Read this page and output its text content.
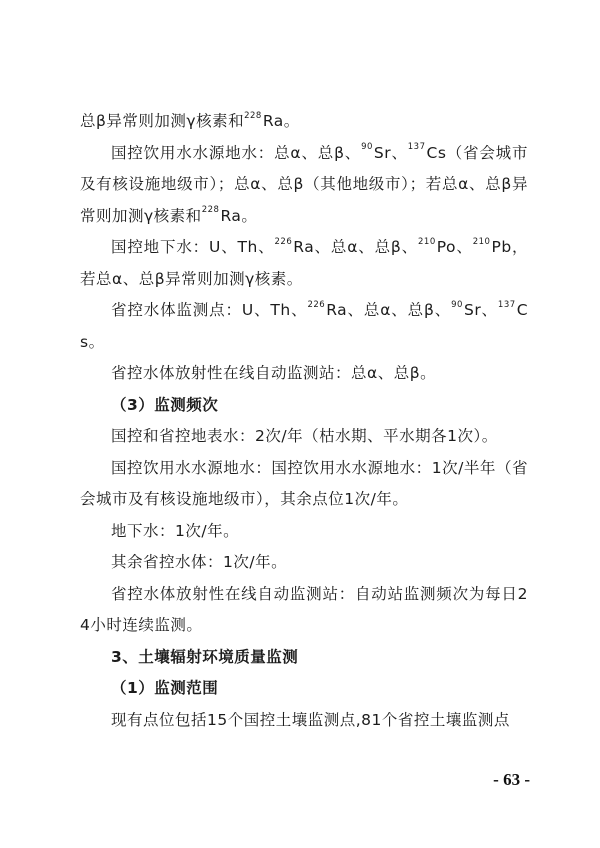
总β异常则加测γ核素和$^{228}$Ra。

国控饮用水水源地水：总α、总β、$^{90}$Sr、$^{137}$Cs（省会城市及有核设施地级市）；总α、总β（其他地级市）；若总α、总β异常则加测γ核素和$^{228}$Ra。

国控地下水：U、Th、$^{226}$Ra、总α、总β、$^{210}$Po、$^{210}$Pb，若总α、总β异常则加测γ核素。

省控水体监测点：U、Th、$^{226}$Ra、总α、总β、$^{90}$Sr、$^{137}$Cs。

省控水体放射性在线自动监测站：总α、总β。

（3）监测频次

国控和省控地表水：2次/年（枯水期、平水期各1次）。

国控饮用水水源地水：国控饮用水水源地水：1次/半年（省会城市及有核设施地级市），其余点位1次/年。

地下水：1次/年。

其余省控水体：1次/年。

省控水体放射性在线自动监测站：自动站监测频次为每日24小时连续监测。

3、土壤辐射环境质量监测

（1）监测范围

现有点位包括15个国控土壤监测点,81个省控土壤监测点

- 63 -
